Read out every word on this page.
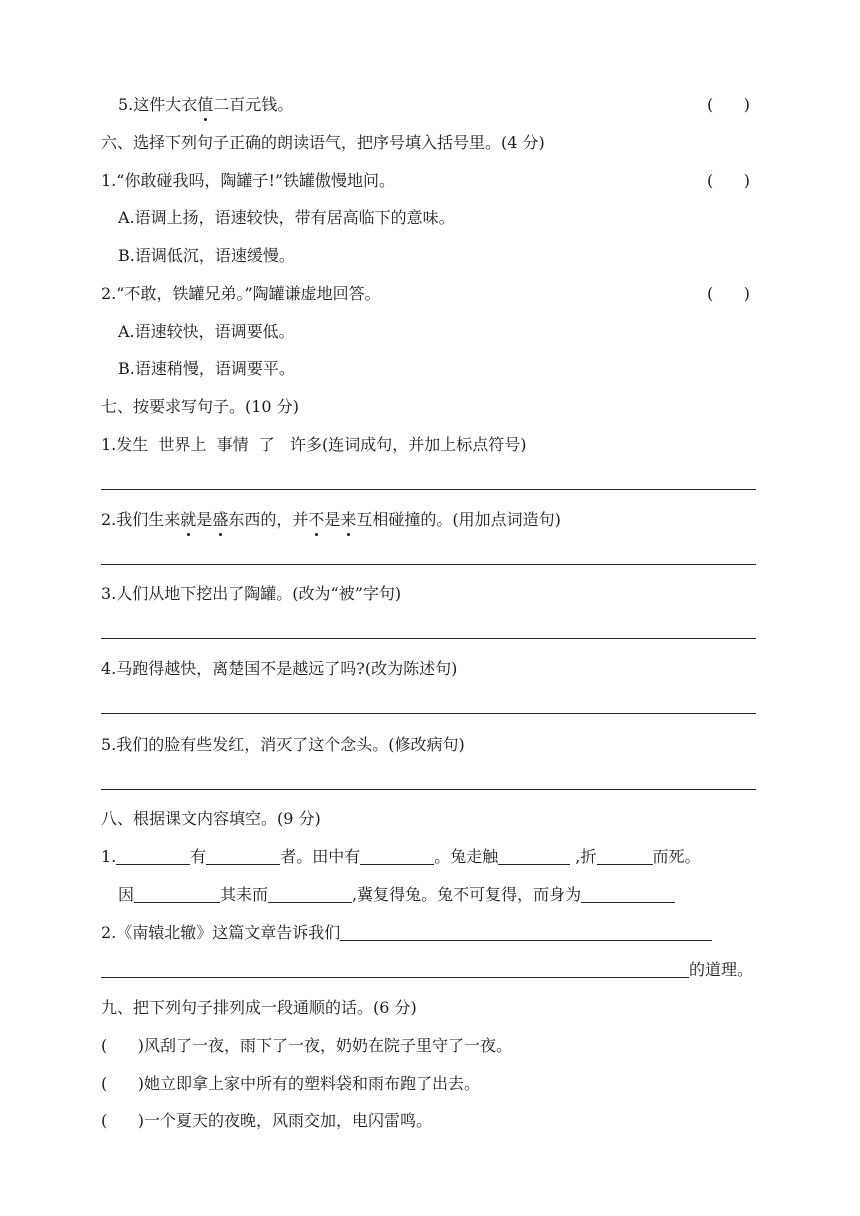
5.这件大衣值二百元钱。	(      )
六、选择下列句子正确的朗读语气，把序号填入括号里。(4 分)
1.“你敢碰我吗，陶罐子!”铁罐傲慢地问。	(      )
A.语调上扬，语速较快，带有居高临下的意味。
B.语调低沉，语速缓慢。
2.“不敢，铁罐兄弟。”陶罐谦虚地回答。	(      )
A.语速较快，语调要低。
B.语速稍慢，语调要平。
七、按要求写句子。(10 分)
1.发生  世界上  事情  了   许多(连词成句，并加上标点符号)
2.我们生来就是盛东西的，并不是来互相碰撞的。(用加点词造句)
3.人们从地下挖出了陶罐。(改为“被”字句)
4.马跑得越快，离楚国不是越远了吗?(改为陈述句)
5.我们的脸有些发红，消灭了这个念头。(修改病句)
八、根据课文内容填空。(9 分)
1.	有	者。田中有	。兔走触	,折	而死。
因	其耒而	,冀复得兔。兔不可复得，而身为
2.《南辕北辙》这篇文章告诉我们
的道理。
九、把下列句子排列成一段通顺的话。(6 分)
(      )风刮了一夜，雨下了一夜，奶奶在院子里守了一夜。
(      )她立即拿上家中所有的塑料袋和雨布跑了出去。
(      )一个夏天的夜晚，风雨交加，电闪雷鸣。
